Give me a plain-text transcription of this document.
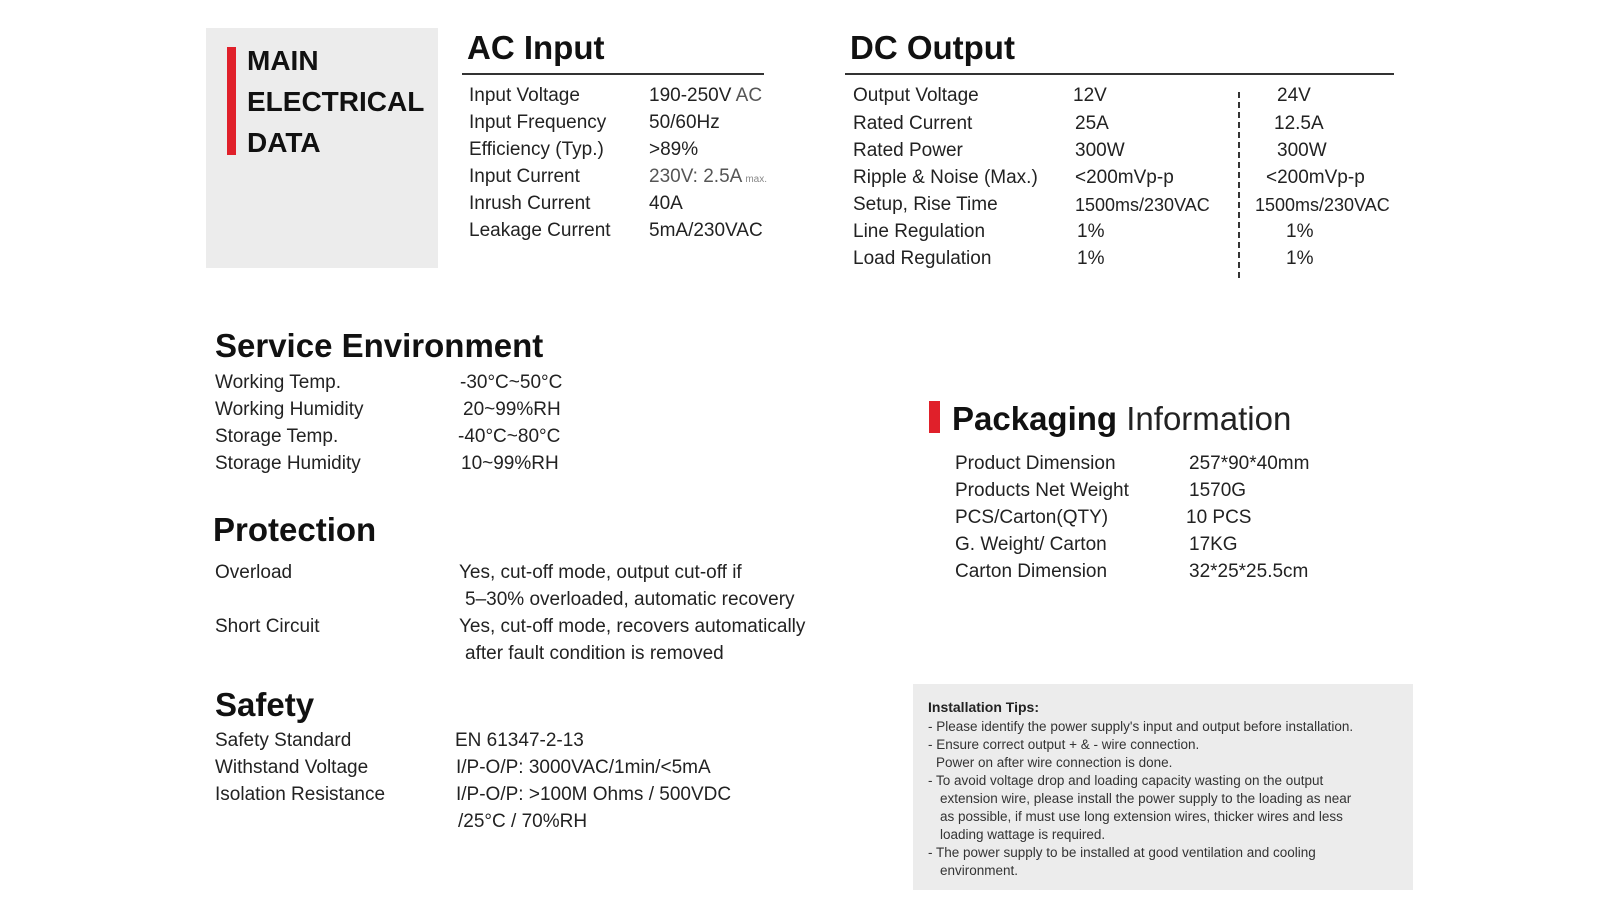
MAIN
ELECTRICAL
DATA
AC Input
Input Voltage	190-250V AC
Input Frequency 50/60Hz
Efficiency (Typ.) >89%
Input Current	230V: 2.5A max.
Inrush Current	40A
Leakage Current 5mA/230VAC
DC Output
Output Voltage	12V	24V
Rated Current	25A	12.5A
Rated Power	300W	300W
Ripple & Noise (Max.) <200mVp-p	<200mVp-p
Setup, Rise Time	1500ms/230VAC	1500ms/230VAC
Line Regulation	1%	1%
Load Regulation	1%	1%
Service Environment
Working Temp.	-30°C~50°C
Working Humidity	20~99%RH
Storage Temp.	-40°C~80°C
Storage Humidity	10~99%RH
Protection
Overload	Yes, cut-off mode, output cut-off if
5–30% overloaded, automatic recovery
Short Circuit	Yes, cut-off mode, recovers automatically
after fault condition is removed
Safety
Safety Standard	EN 61347-2-13
Withstand Voltage	I/P-O/P: 3000VAC/1min/<5mA
Isolation Resistance	I/P-O/P: >100M Ohms / 500VDC
/25°C / 70%RH
Packaging Information
Product Dimension	257*90*40mm
Products Net Weight	1570G
PCS/Carton(QTY)	10 PCS
G. Weight/ Carton	17KG
Carton Dimension	32*25*25.5cm
Installation Tips:
- Please identify the power supply's input and output before installation.
- Ensure correct output + & - wire connection.
Power on after wire connection is done.
- To avoid voltage drop and loading capacity wasting on the output
extension wire, please install the power supply to the loading as near
as possible, if must use long extension wires, thicker wires and less
loading wattage is required.
- The power supply to be installed at good ventilation and cooling
environment.
